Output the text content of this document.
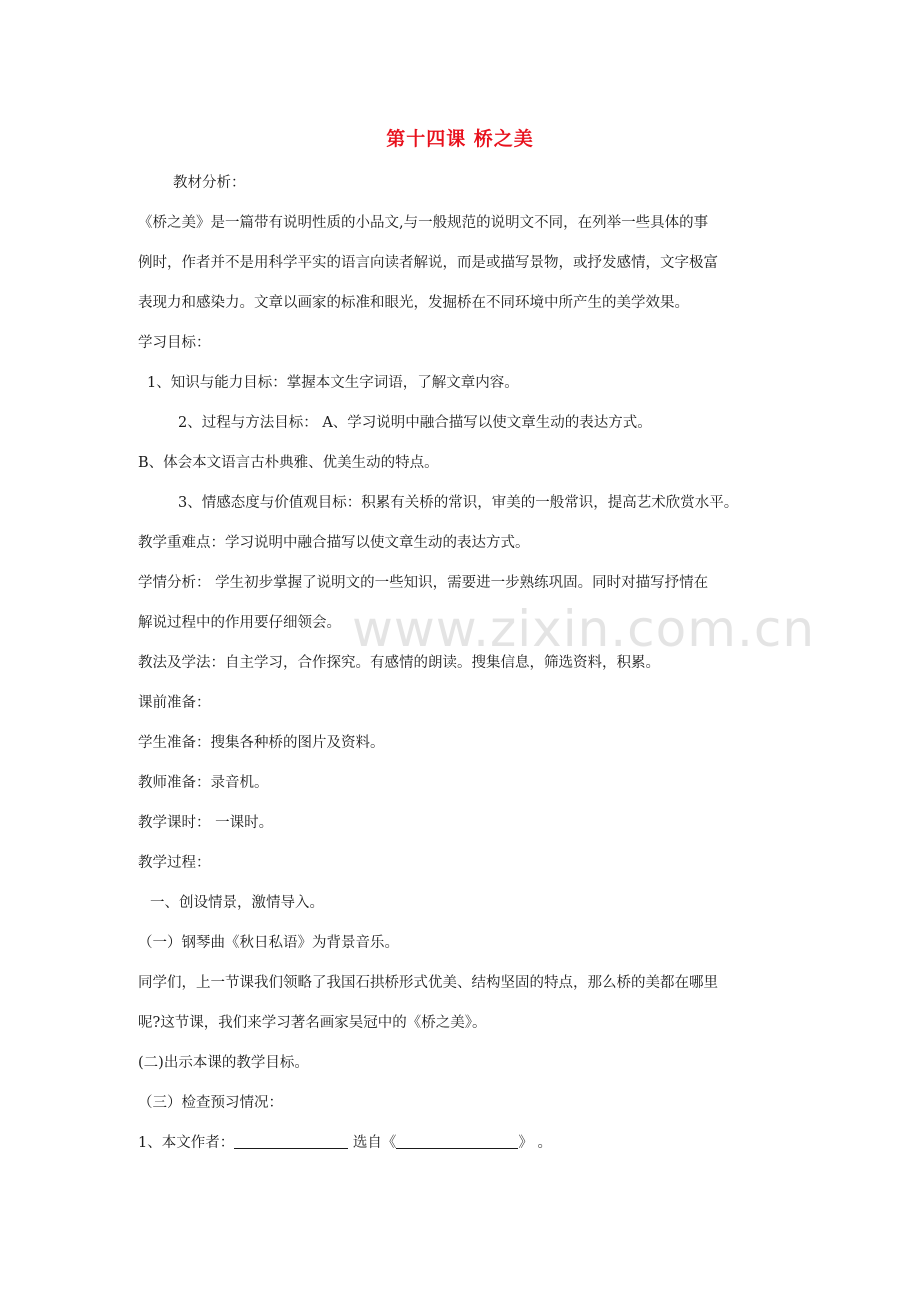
第十四课 桥之美
www.zixin.com.cn
教材分析：
《桥之美》是一篇带有说明性质的小品文,与一般规范的说明文不同，在列举一些具体的事
例时，作者并不是用科学平实的语言向读者解说，而是或描写景物，或抒发感情，文字极富
表现力和感染力。文章以画家的标准和眼光，发掘桥在不同环境中所产生的美学效果。
学习目标：
1、知识与能力目标：掌握本文生字词语，了解文章内容。
2、过程与方法目标： A、学习说明中融合描写以使文章生动的表达方式。
B、体会本文语言古朴典雅、优美生动的特点。
3、情感态度与价值观目标：积累有关桥的常识，审美的一般常识，提高艺术欣赏水平。
教学重难点：学习说明中融合描写以使文章生动的表达方式。
学情分析： 学生初步掌握了说明文的一些知识，需要进一步熟练巩固。同时对描写抒情在
解说过程中的作用要仔细领会。
教法及学法：自主学习，合作探究。有感情的朗读。搜集信息，筛选资料，积累。
课前准备：
学生准备：搜集各种桥的图片及资料。
教师准备：录音机。
教学课时： 一课时。
教学过程：
一、创设情景，激情导入。
（一）钢琴曲《秋日私语》为背景音乐。
同学们，上一节课我们领略了我国石拱桥形式优美、结构坚固的特点，那么桥的美都在哪里
呢?这节课，我们来学习著名画家吴冠中的《桥之美》。
(二)出示本课的教学目标。
（三）检查预习情况：
1、本文作者：	选自《	》 。
